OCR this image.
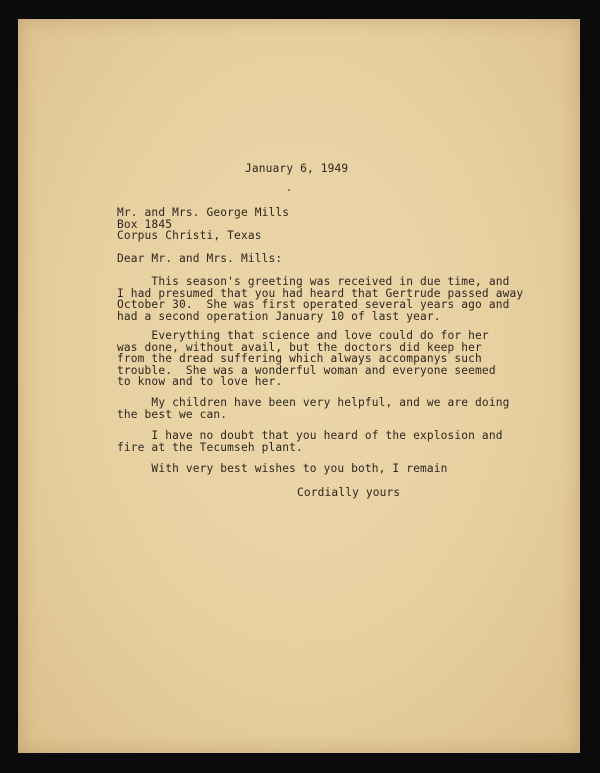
January 6, 1949
Mr. and Mrs. George Mills
Box 1845
Corpus Christi, Texas
Dear Mr. and Mrs. Mills:
This season's greeting was received in due time, and
I had presumed that you had heard that Gertrude passed away
October 30.  She was first operated several years ago and
had a second operation January 10 of last year.
Everything that science and love could do for her
was done, without avail, but the doctors did keep her
from the dread suffering which always accompanys such
trouble.  She was a wonderful woman and everyone seemed
to know and to love her.
My children have been very helpful, and we are doing
the best we can.
I have no doubt that you heard of the explosion and
fire at the Tecumseh plant.
With very best wishes to you both, I remain
Cordially yours
